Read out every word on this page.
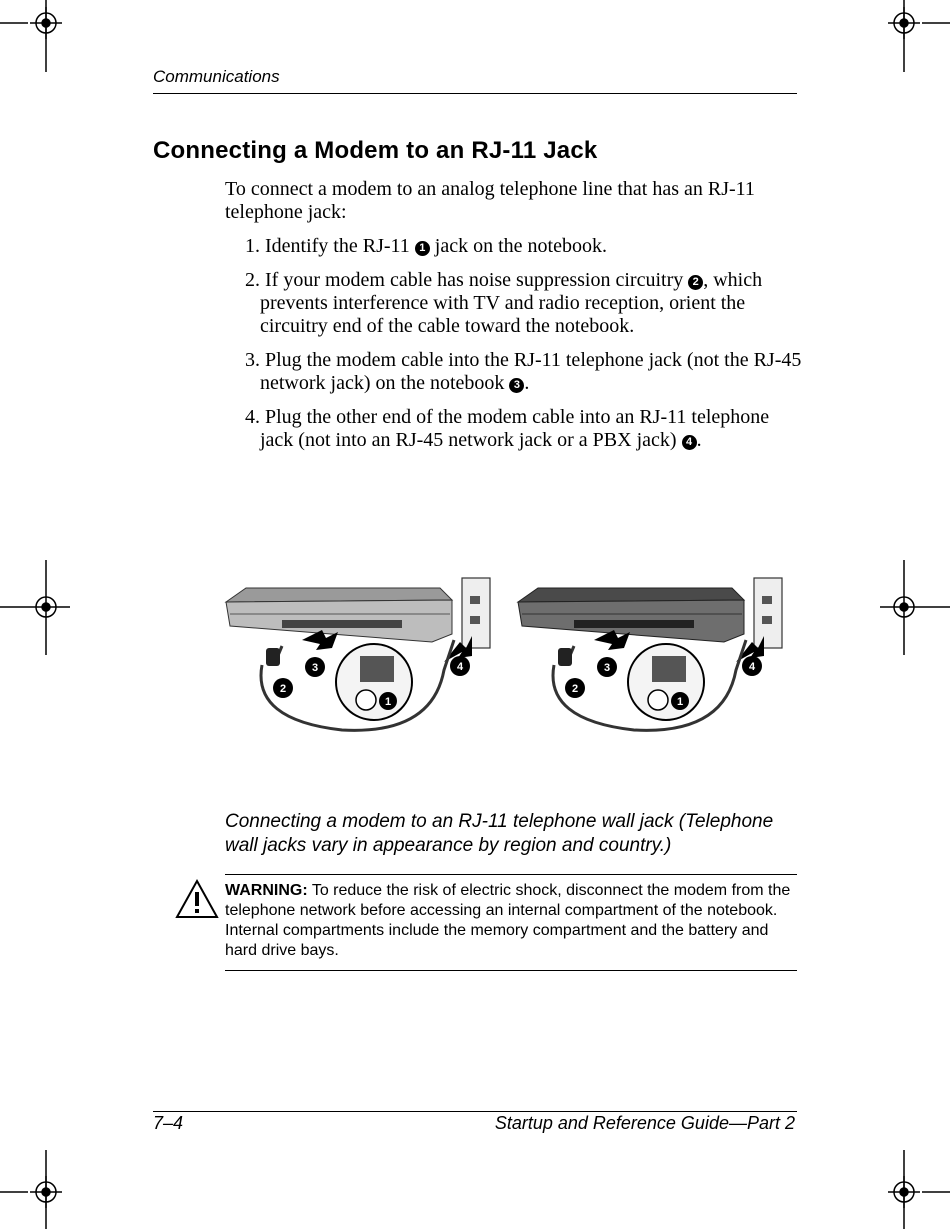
Communications
Connecting a Modem to an RJ-11 Jack
To connect a modem to an analog telephone line that has an RJ-11 telephone jack:
1. Identify the RJ-11 1 jack on the notebook.
2. If your modem cable has noise suppression circuitry 2 , which prevents interference with TV and radio reception, orient the circuitry end of the cable toward the notebook.
3. Plug the modem cable into the RJ-11 telephone jack (not the RJ-45 network jack) on the notebook 3 .
4. Plug the other end of the modem cable into an RJ-11 telephone jack (not into an RJ-45 network jack or a PBX jack) 4 .
1
2
3	4
1
2
3	4
Connecting a modem to an RJ-11 telephone wall jack (Telephone wall jacks vary in appearance by region and country.)
WARNING: To reduce the risk of electric shock, disconnect the modem from the telephone network before accessing an internal compartment of the notebook. Internal compartments include the memory compartment and the battery and hard drive bays.
7–4	Startup and Reference Guide—Part 2
